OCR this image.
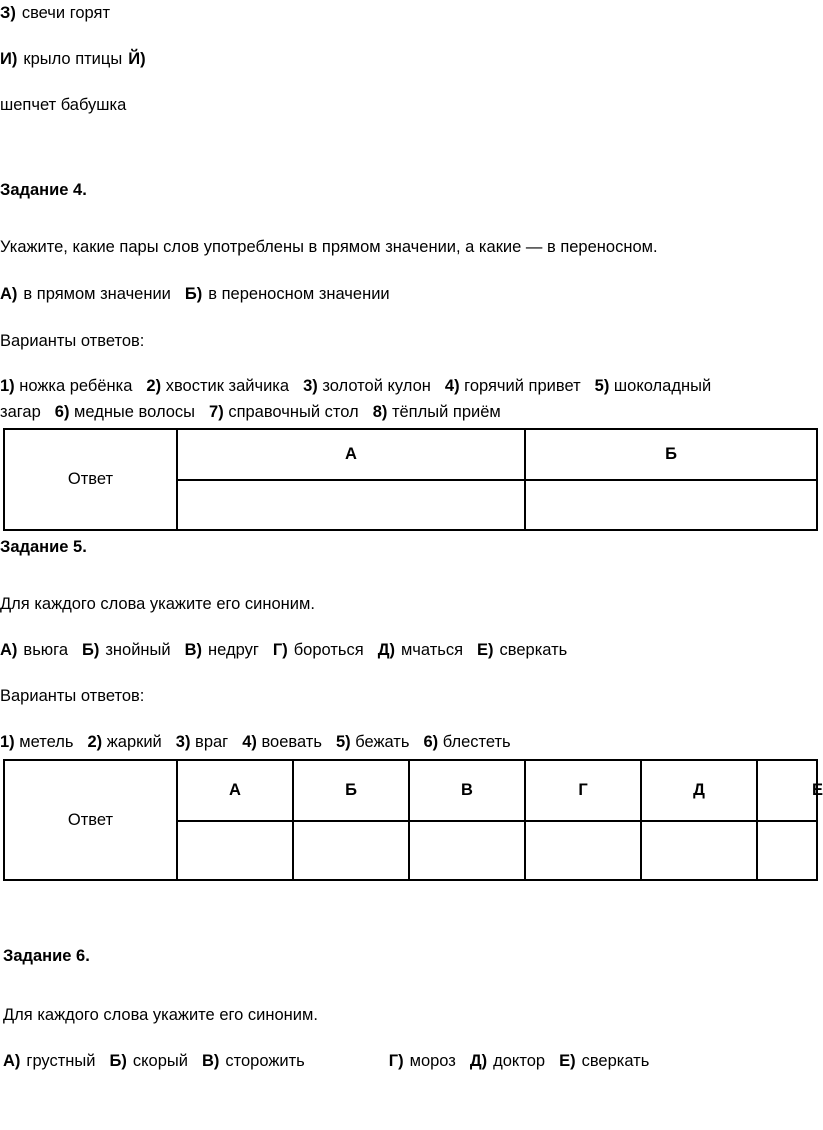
З) свечи горят
И) крыло птицы Й)
шепчет бабушка
Задание 4.
Укажите, какие пары слов употреблены в прямом значении, а какие — в переносном.
А) в прямом значении Б) в переносном значении
Варианты ответов:
1) ножка ребёнка 2) хвостик зайчика 3) золотой кулон 4) горячий привет 5) шоколадный
загар 6) медные волосы 7) справочный стол 8) тёплый приём
Ответ	А	Б

Задание 5.
Для каждого слова укажите его синоним.
А) вьюга Б) знойный В) недруг Г) бороться Д) мчаться Е) сверкать
Варианты ответов:
1) метель 2) жаркий 3) враг 4) воевать 5) бежать 6) блестеть
Ответ	А	Б	В	Г	Д	Е

Задание 6.
Для каждого слова укажите его синоним.
А) грустный Б) скорый В) сторожить	Г) мороз Д) доктор Е) сверкать
